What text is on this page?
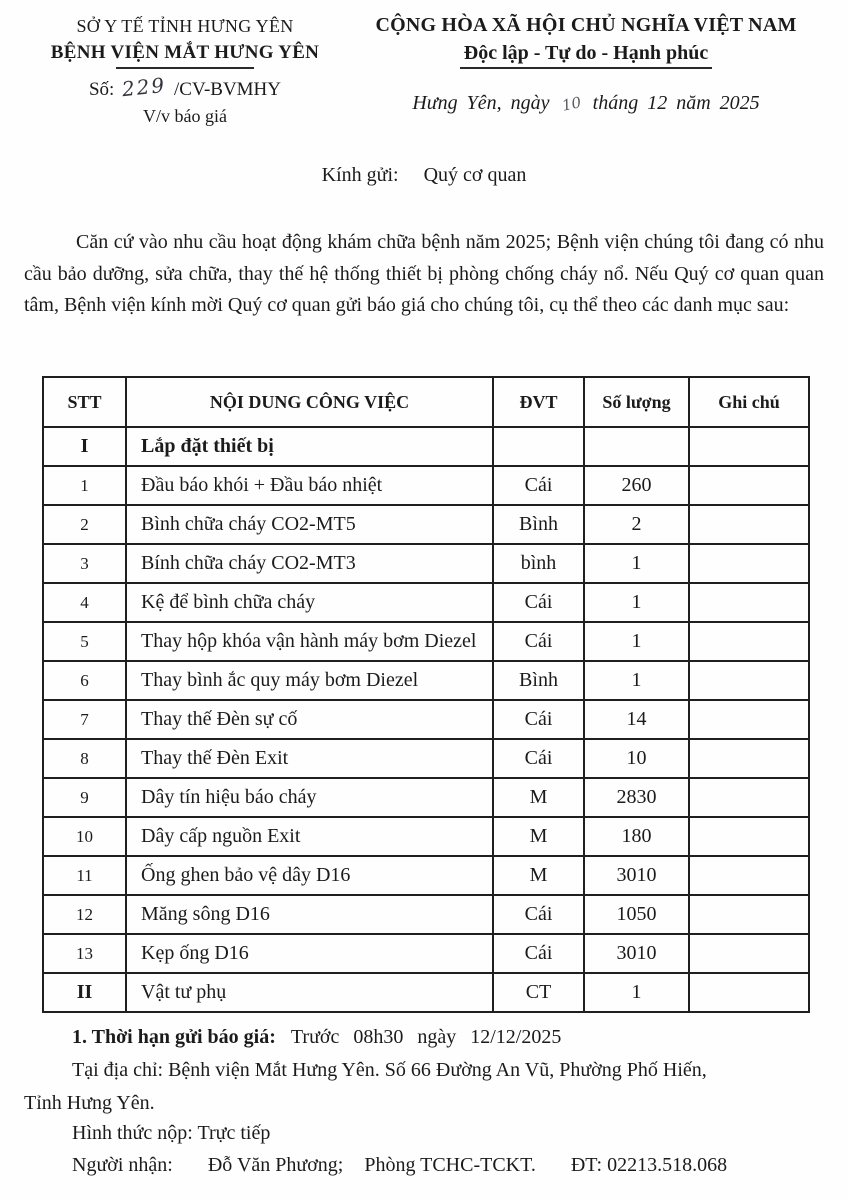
SỞ Y TẾ TỈNH HƯNG YÊN
BỆNH VIỆN MẮT HƯNG YÊN
Số: 229 /CV-BVMHY
V/v báo giá
CỘNG HÒA XÃ HỘI CHỦ NGHĨA VIỆT NAM
Độc lập - Tự do - Hạnh phúc
Hưng Yên, ngày 10 tháng 12 năm 2025
Kính gửi: Quý cơ quan
Căn cứ vào nhu cầu hoạt động khám chữa bệnh năm 2025; Bệnh viện chúng tôi đang có nhu cầu bảo dưỡng, sửa chữa, thay thế hệ thống thiết bị phòng chống cháy nổ. Nếu Quý cơ quan quan tâm, Bệnh viện kính mời Quý cơ quan gửi báo giá cho chúng tôi, cụ thể theo các danh mục sau:
STT	NỘI DUNG CÔNG VIỆC	ĐVT	Số lượng	Ghi chú
I	Lắp đặt thiết bị			
1	Đầu báo khói + Đầu báo nhiệt	Cái	260	
2	Bình chữa cháy CO2-MT5	Bình	2	
3	Bính chữa cháy CO2-MT3	bình	1	
4	Kệ để bình chữa cháy	Cái	1	
5	Thay hộp khóa vận hành máy bơm Diezel	Cái	1	
6	Thay bình ắc quy máy bơm Diezel	Bình	1	
7	Thay thế Đèn sự cố	Cái	14	
8	Thay thế Đèn Exit	Cái	10	
9	Dây tín hiệu báo cháy	M	2830	
10	Dây cấp nguồn Exit	M	180	
11	Ống ghen bảo vệ dây D16	M	3010	
12	Măng sông D16	Cái	1050	
13	Kẹp ống D16	Cái	3010	
II	Vật tư phụ	CT	1	
1. Thời hạn gửi báo giá: Trước 08h30 ngày 12/12/2025
Tại địa chỉ: Bệnh viện Mắt Hưng Yên. Số 66 Đường An Vũ, Phường Phố Hiến,
Tỉnh Hưng Yên.
Hình thức nộp: Trực tiếp
Người nhận: Đỗ Văn Phương; Phòng TCHC-TCKT. ĐT: 02213.518.068
